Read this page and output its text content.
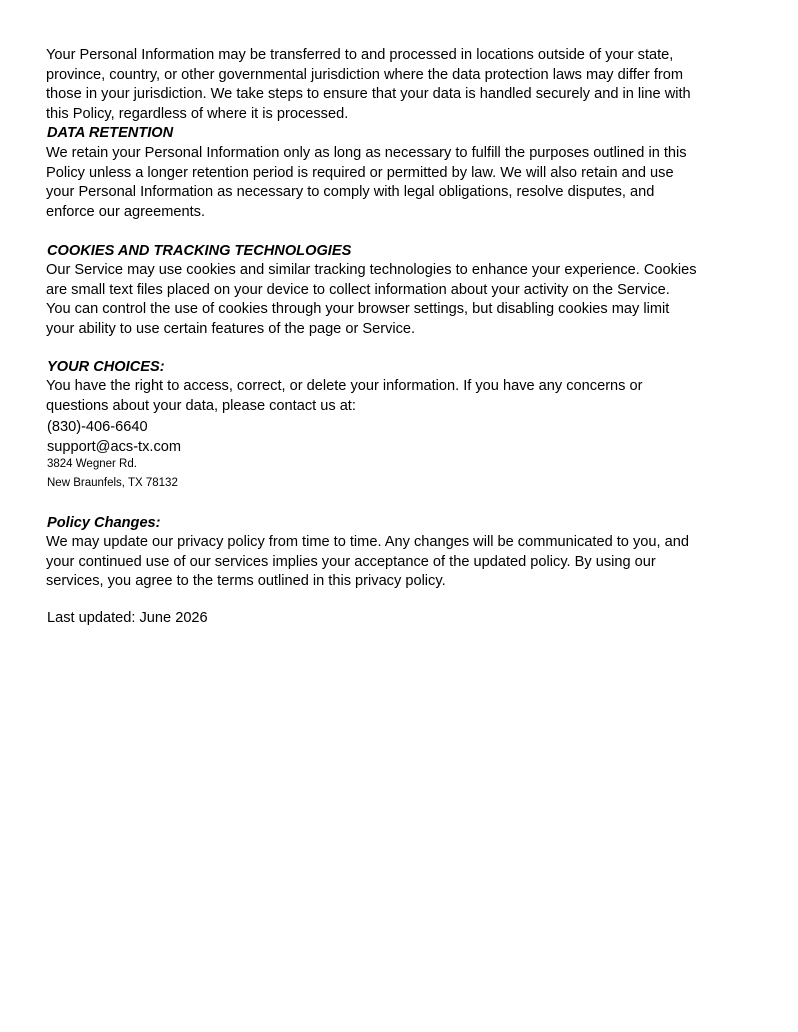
Your Personal Information may be transferred to and processed in locations outside of your state,
province, country, or other governmental jurisdiction where the data protection laws may differ from
those in your jurisdiction. We take steps to ensure that your data is handled securely and in line with
this Policy, regardless of where it is processed.
DATA RETENTION
We retain your Personal Information only as long as necessary to fulfill the purposes outlined in this
Policy unless a longer retention period is required or permitted by law. We will also retain and use
your Personal Information as necessary to comply with legal obligations, resolve disputes, and
enforce our agreements.
COOKIES AND TRACKING TECHNOLOGIES
Our Service may use cookies and similar tracking technologies to enhance your experience. Cookies
are small text files placed on your device to collect information about your activity on the Service.
You can control the use of cookies through your browser settings, but disabling cookies may limit
your ability to use certain features of the page or Service.
YOUR CHOICES:
You have the right to access, correct, or delete your information. If you have any concerns or
questions about your data, please contact us at:
(830)-406-6640
support@acs-tx.com
3824 Wegner Rd.
New Braunfels, TX 78132
Policy Changes:
We may update our privacy policy from time to time. Any changes will be communicated to you, and
your continued use of our services implies your acceptance of the updated policy. By using our
services, you agree to the terms outlined in this privacy policy.
Last updated: June 2026
